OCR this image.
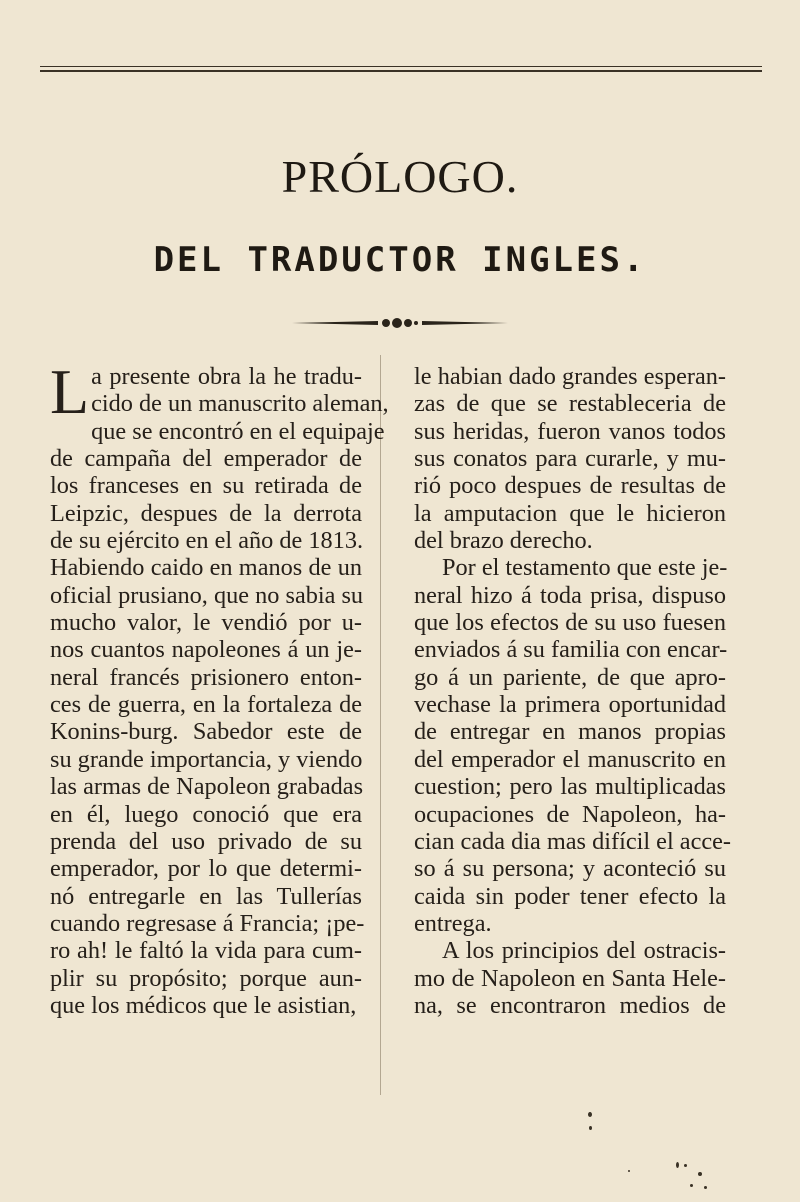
PRÓLOGO.
DEL TRADUCTOR INGLES.
L a presente obra la he tradu-
cido de un manuscrito aleman,
que se encontró en el equipaje
de campaña del emperador de
los franceses en su retirada de
Leipzic, despues de la derrota
de su ejército en el año de 1813.
Habiendo caido en manos de un
oficial prusiano, que no sabia su
mucho valor, le vendió por u-
nos cuantos napoleones á un je-
neral francés prisionero enton-
ces de guerra, en la fortaleza de
Konins-burg. Sabedor este de
su grande importancia, y viendo
las armas de Napoleon grabadas
en él, luego conoció que era
prenda del uso privado de su
emperador, por lo que determi-
nó entregarle en las Tullerías
cuando regresase á Francia; ¡pe-
ro ah! le faltó la vida para cum-
plir su propósito; porque aun-
que los médicos que le asistian,
le habian dado grandes esperan-
zas de que se restableceria de
sus heridas, fueron vanos todos
sus conatos para curarle, y mu-
rió poco despues de resultas de
la amputacion que le hicieron
del brazo derecho.
Por el testamento que este je-
neral hizo á toda prisa, dispuso
que los efectos de su uso fuesen
enviados á su familia con encar-
go á un pariente, de que apro-
vechase la primera oportunidad
de entregar en manos propias
del emperador el manuscrito en
cuestion; pero las multiplicadas
ocupaciones de Napoleon, ha-
cian cada dia mas difícil el acce-
so á su persona; y aconteció su
caida sin poder tener efecto la
entrega.
A los principios del ostracis-
mo de Napoleon en Santa Hele-
na, se encontraron medios de
